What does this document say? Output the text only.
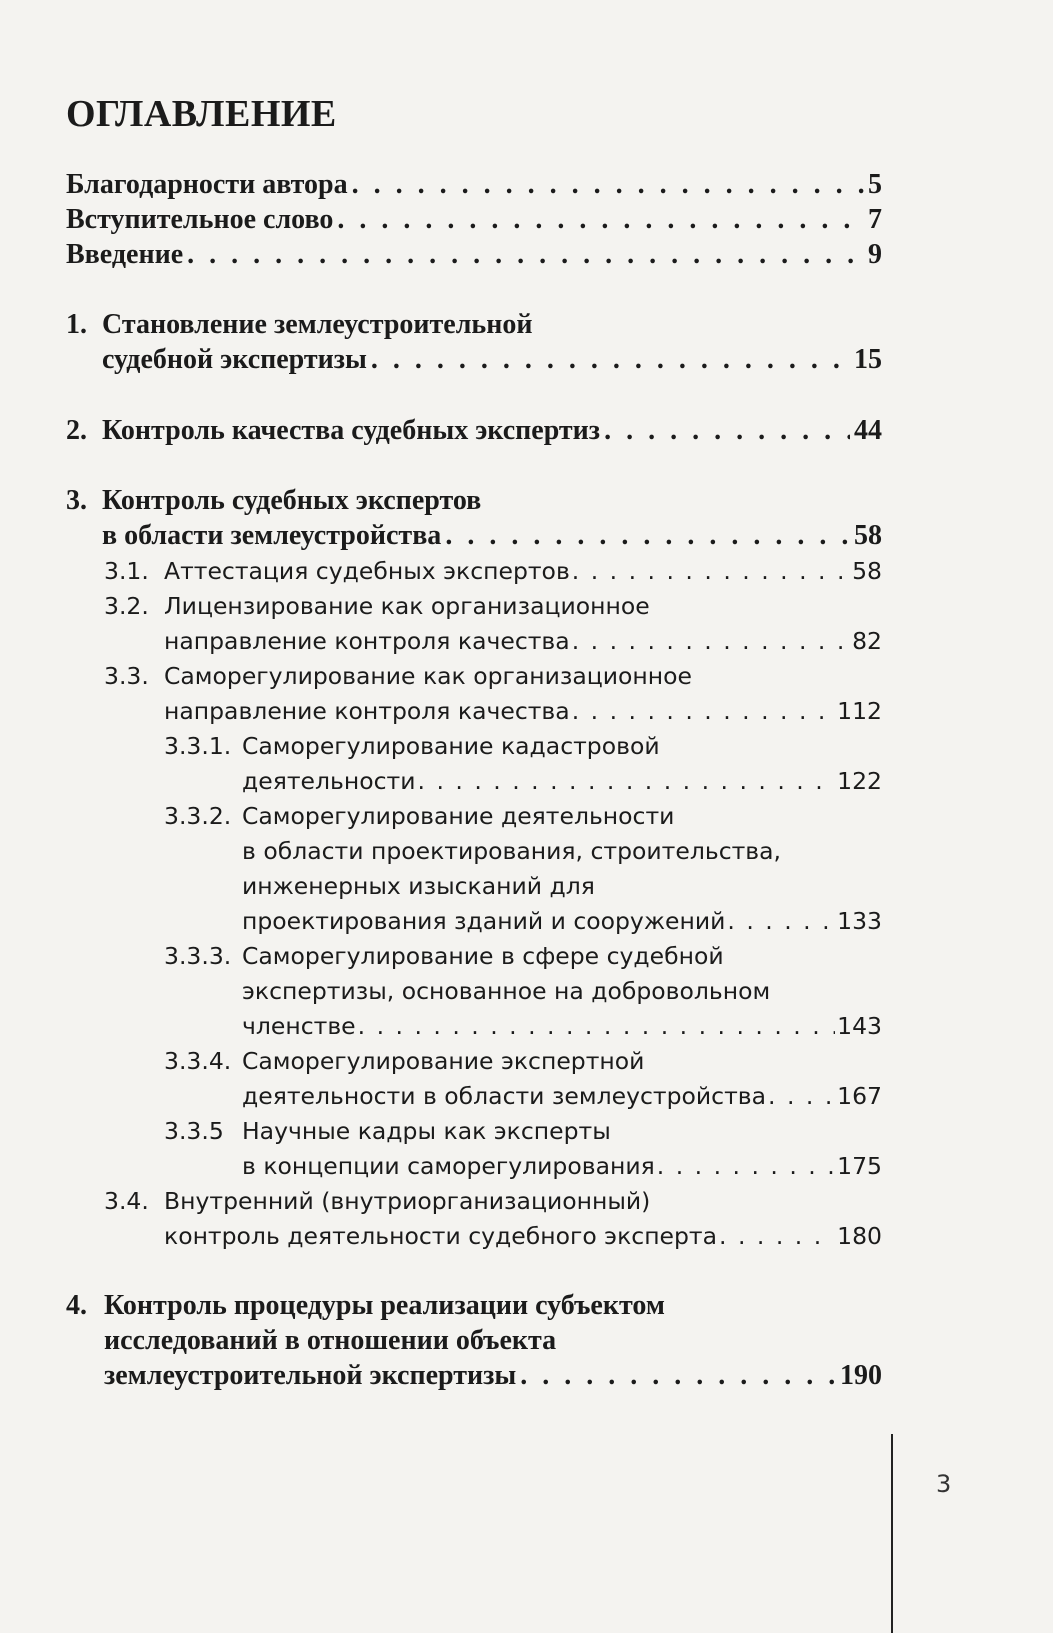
ОГЛАВЛЕНИЕ
Благодарности автора . . .	5
Вступительное слово . . .	7
Введение . . .	9
1. Становление землеустроительной
судебной экспертизы . . .	15
2. Контроль качества судебных экспертиз . . .	44
3. Контроль судебных экспертов
в области землеустройства . . .	58
3.1. Аттестация судебных экспертов . . .	58
3.2. Лицензирование как организационное
направление контроля качества . . .	82
3.3. Саморегулирование как организационное
направление контроля качества . . .	112
3.3.1. Саморегулирование кадастровой
деятельности . . .	122
3.3.2. Саморегулирование деятельности
в области проектирования, строительства,
инженерных изысканий для
проектирования зданий и сооружений . . .	133
3.3.3. Саморегулирование в сфере судебной
экспертизы, основанное на добровольном
членстве . . .	143
3.3.4. Саморегулирование экспертной
деятельности в области землеустройства . . .	167
3.3.5 Научные кадры как эксперты
в концепции саморегулирования . . .	175
3.4. Внутренний (внутриорганизационный)
контроль деятельности судебного эксперта . . .	180
4. Контроль процедуры реализации субъектом
исследований в отношении объекта
землеустроительной экспертизы . . .	190
3
